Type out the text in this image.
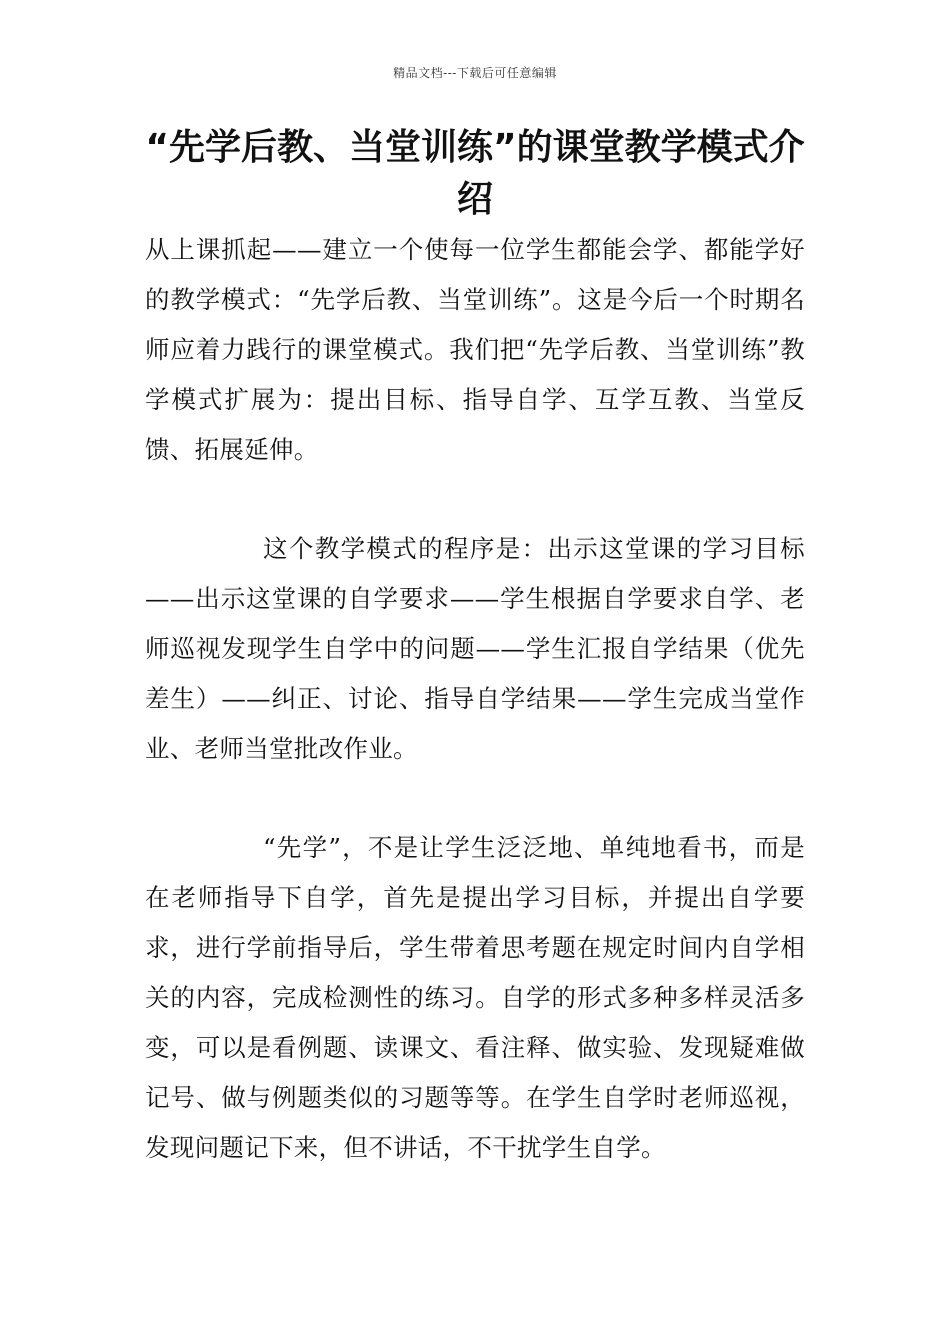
精品文档---下载后可任意编辑
“先学后教、当堂训练”的课堂教学模式介绍

从上课抓起——建立一个使每一位学生都能会学、都能学好的教学模式：“先学后教、当堂训练”。这是今后一个时期名师应着力践行的课堂模式。我们把“先学后教、当堂训练”教学模式扩展为：提出目标、指导自学、互学互教、当堂反馈、拓展延伸。

这个教学模式的程序是：出示这堂课的学习目标——出示这堂课的自学要求——学生根据自学要求自学、老师巡视发现学生自学中的问题——学生汇报自学结果（优先差生）——纠正、讨论、指导自学结果——学生完成当堂作业、老师当堂批改作业。

“先学”，不是让学生泛泛地、单纯地看书，而是在老师指导下自学，首先是提出学习目标，并提出自学要求，进行学前指导后，学生带着思考题在规定时间内自学相关的内容，完成检测性的练习。自学的形式多种多样灵活多变，可以是看例题、读课文、看注释、做实验、发现疑难做记号、做与例题类似的习题等等。在学生自学时老师巡视，发现问题记下来，但不讲话，不干扰学生自学。
